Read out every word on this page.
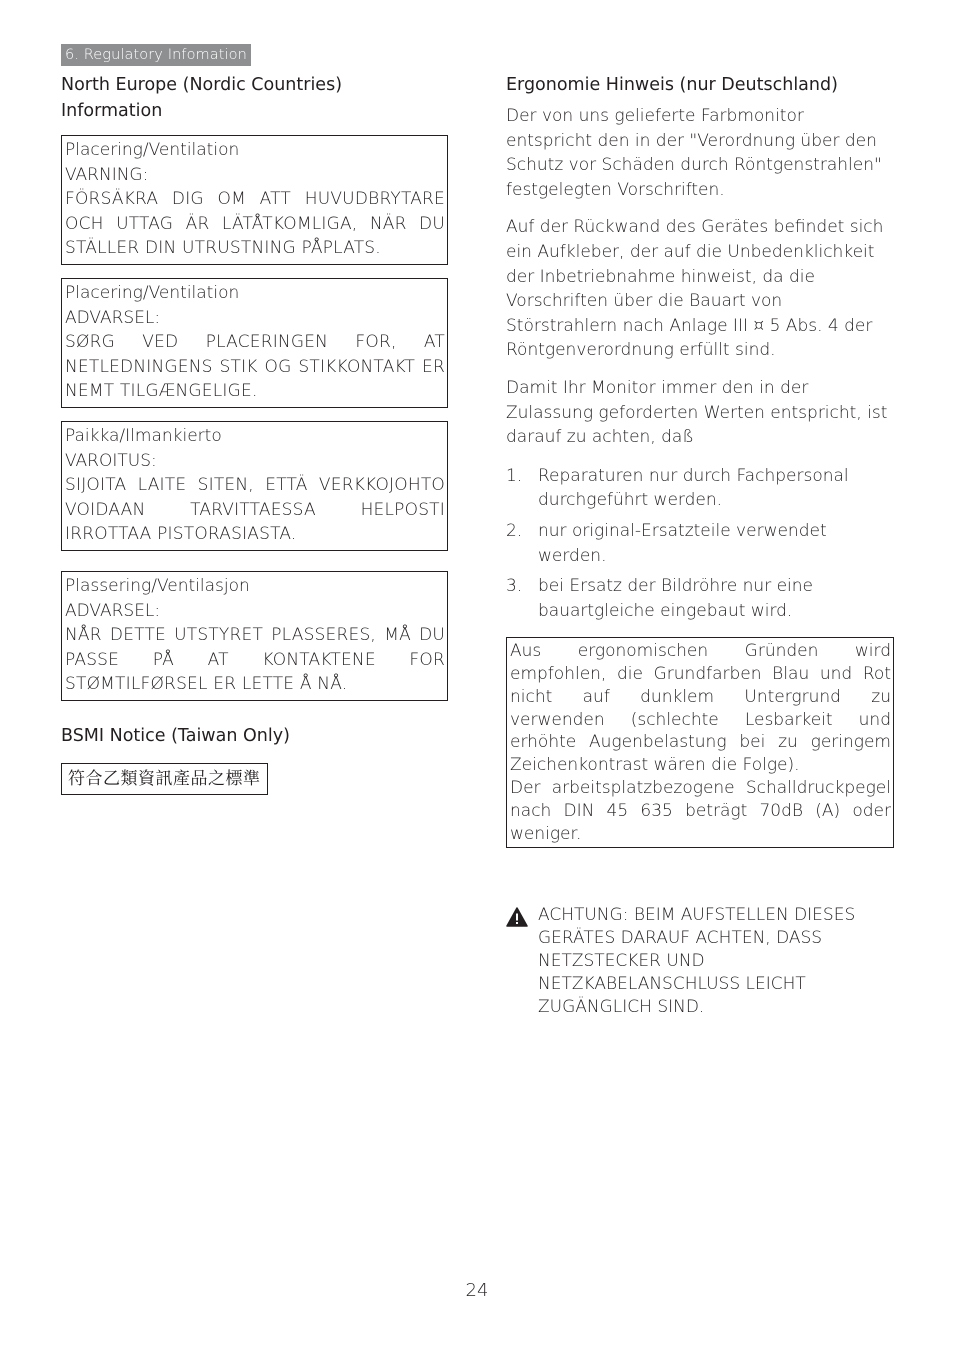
6. Regulatory Infomation
North Europe (Nordic Countries) Information
Placering/Ventilation
VARNING:
FÖRSÄKRA DIG OM ATT HUVUDBRYTARE OCH UTTAG ÄR LÄTÅTKOMLIGA, NÄR DU STÄLLER DIN UTRUSTNING PÅPLATS.
Placering/Ventilation
ADVARSEL:
SØRG VED PLACERINGEN FOR, AT NETLEDNINGENS STIK OG STIKKONTAKT ER NEMT TILGÆNGELIGE.
Paikka/Ilmankierto
VAROITUS:
SIJOITA LAITE SITEN, ETTÄ VERKKOJOHTO VOIDAAN TARVITTAESSA HELPOSTI IRROTTAA PISTORASIASTA.
Plassering/Ventilasjon
ADVARSEL:
NÅR DETTE UTSTYRET PLASSERES, MÅ DU PASSE PÅ AT KONTAKTENE FOR STØMTILFØRSEL ER LETTE Å NÅ.
BSMI Notice (Taiwan Only)
符合乙類資訊產品之標準
Ergonomie Hinweis (nur Deutschland)

Der von uns gelieferte Farbmonitor entspricht den in der "Verordnung über den Schutz vor Schäden durch Röntgenstrahlen" festgelegten Vorschriften.

Auf der Rückwand des Gerätes befindet sich ein Aufkleber, der auf die Unbedenklichkeit der Inbetriebnahme hinweist, da die Vorschriften über die Bauart von Störstrahlern nach Anlage III ¤ 5 Abs. 4 der Röntgenverordnung erfüllt sind.

Damit Ihr Monitor immer den in der Zulassung geforderten Werten entspricht, ist darauf zu achten, daß

1. Reparaturen nur durch Fachpersonal durchgeführt werden.
2. nur original-Ersatzteile verwendet werden.
3. bei Ersatz der Bildröhre nur eine bauartgleiche eingebaut wird.

Aus ergonomischen Gründen wird empfohlen, die Grundfarben Blau und Rot nicht auf dunklem Untergrund zu verwenden (schlechte Lesbarkeit und erhöhte Augenbelastung bei zu geringem Zeichenkontrast wären die Folge).

Der arbeitsplatzbezogene Schalldruckpegel nach DIN 45 635 beträgt 70dB (A) oder weniger.

ACHTUNG: BEIM AUFSTELLEN DIESES GERÄTES DARAUF ACHTEN, DASS NETZSTECKER UND NETZKABELANSCHLUSS LEICHT ZUGÄNGLICH SIND.
24
